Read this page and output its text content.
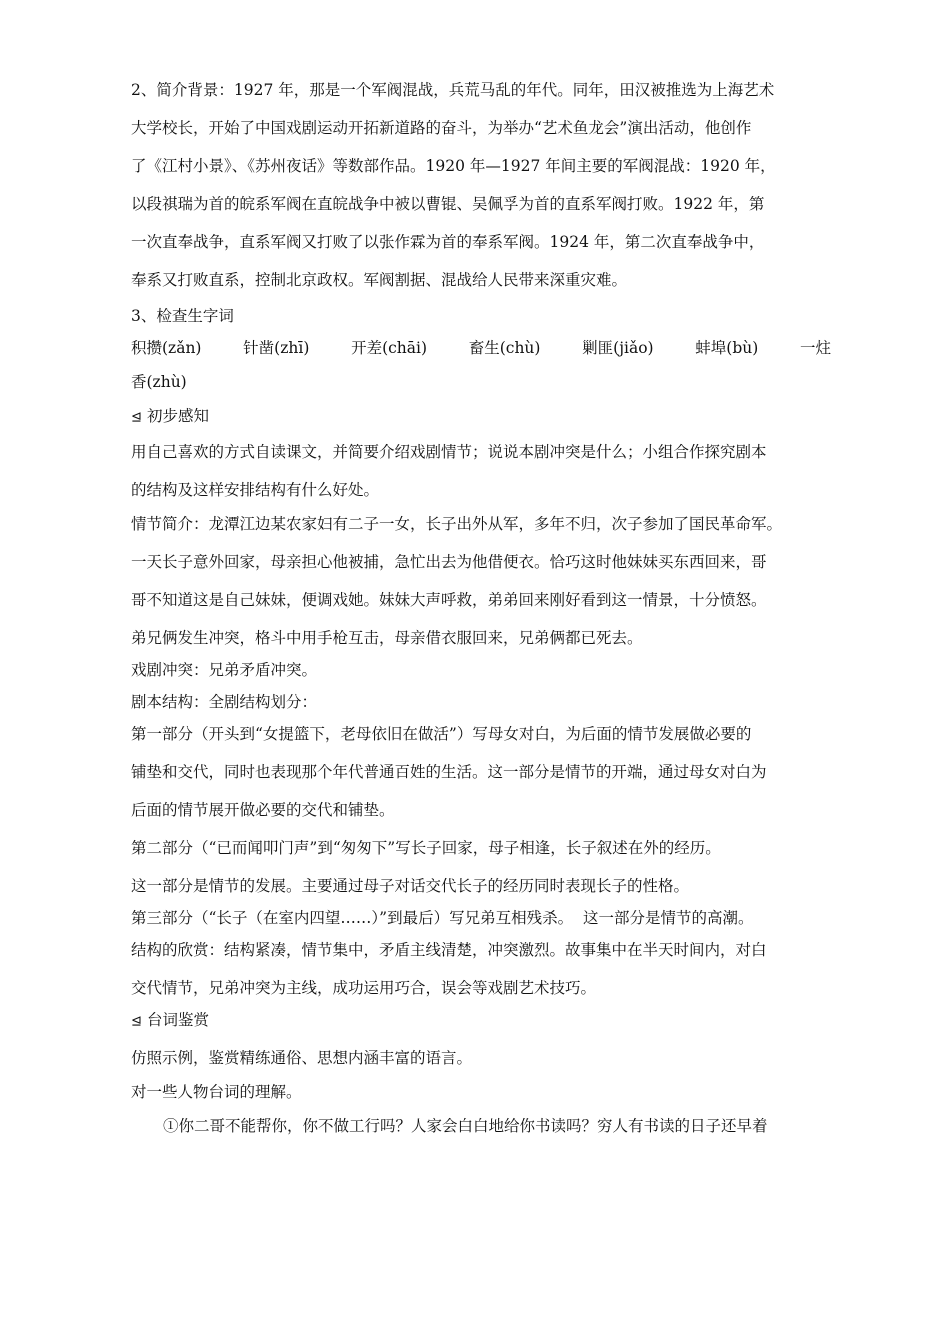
2、简介背景：1927 年，那是一个军阀混战，兵荒马乱的年代。同年，田汉被推选为上海艺术

大学校长，开始了中国戏剧运动开拓新道路的奋斗，为举办“艺术鱼龙会”演出活动，他创作

了《江村小景》、《苏州夜话》等数部作品。1920 年—1927 年间主要的军阀混战：1920 年，

以段祺瑞为首的皖系军阀在直皖战争中被以曹锟、吴佩孚为首的直系军阀打败。1922 年，第

一次直奉战争，直系军阀又打败了以张作霖为首的奉系军阀。1924 年，第二次直奉战争中，

奉系又打败直系，控制北京政权。军阀割据、混战给人民带来深重灾难。

3、检查生字词

积攒(zǎn)	针凿(zhī)	开差(chāi)	畜生(chù)	剿匪(jiǎo)	蚌埠(bù)	一炷

香(zhù)

⊴ 初步感知

用自己喜欢的方式自读课文，并简要介绍戏剧情节；说说本剧冲突是什么；小组合作探究剧本

的结构及这样安排结构有什么好处。

情节简介：龙潭江边某农家妇有二子一女，长子出外从军，多年不归，次子参加了国民革命军。

一天长子意外回家，母亲担心他被捕，急忙出去为他借便衣。恰巧这时他妹妹买东西回来，哥

哥不知道这是自己妹妹，便调戏她。妹妹大声呼救，弟弟回来刚好看到这一情景，十分愤怒。

弟兄俩发生冲突，格斗中用手枪互击，母亲借衣服回来，兄弟俩都已死去。

戏剧冲突：兄弟矛盾冲突。

剧本结构：全剧结构划分：

第一部分（开头到“女提篮下，老母依旧在做活”）写母女对白，为后面的情节发展做必要的

铺垫和交代，同时也表现那个年代普通百姓的生活。这一部分是情节的开端，通过母女对白为

后面的情节展开做必要的交代和铺垫。

第二部分（“已而闻叩门声”到“匆匆下”写长子回家，母子相逢，长子叙述在外的经历。

这一部分是情节的发展。主要通过母子对话交代长子的经历同时表现长子的性格。

第三部分（“长子（在室内四望……）”到最后）写兄弟互相残杀。  这一部分是情节的高潮。

结构的欣赏：结构紧凑，情节集中，矛盾主线清楚，冲突激烈。故事集中在半天时间内，对白

交代情节，兄弟冲突为主线，成功运用巧合，误会等戏剧艺术技巧。

⊴ 台词鉴赏

仿照示例，鉴赏精练通俗、思想内涵丰富的语言。

对一些人物台词的理解。

①你二哥不能帮你，你不做工行吗？人家会白白地给你书读吗？穷人有书读的日子还早着
